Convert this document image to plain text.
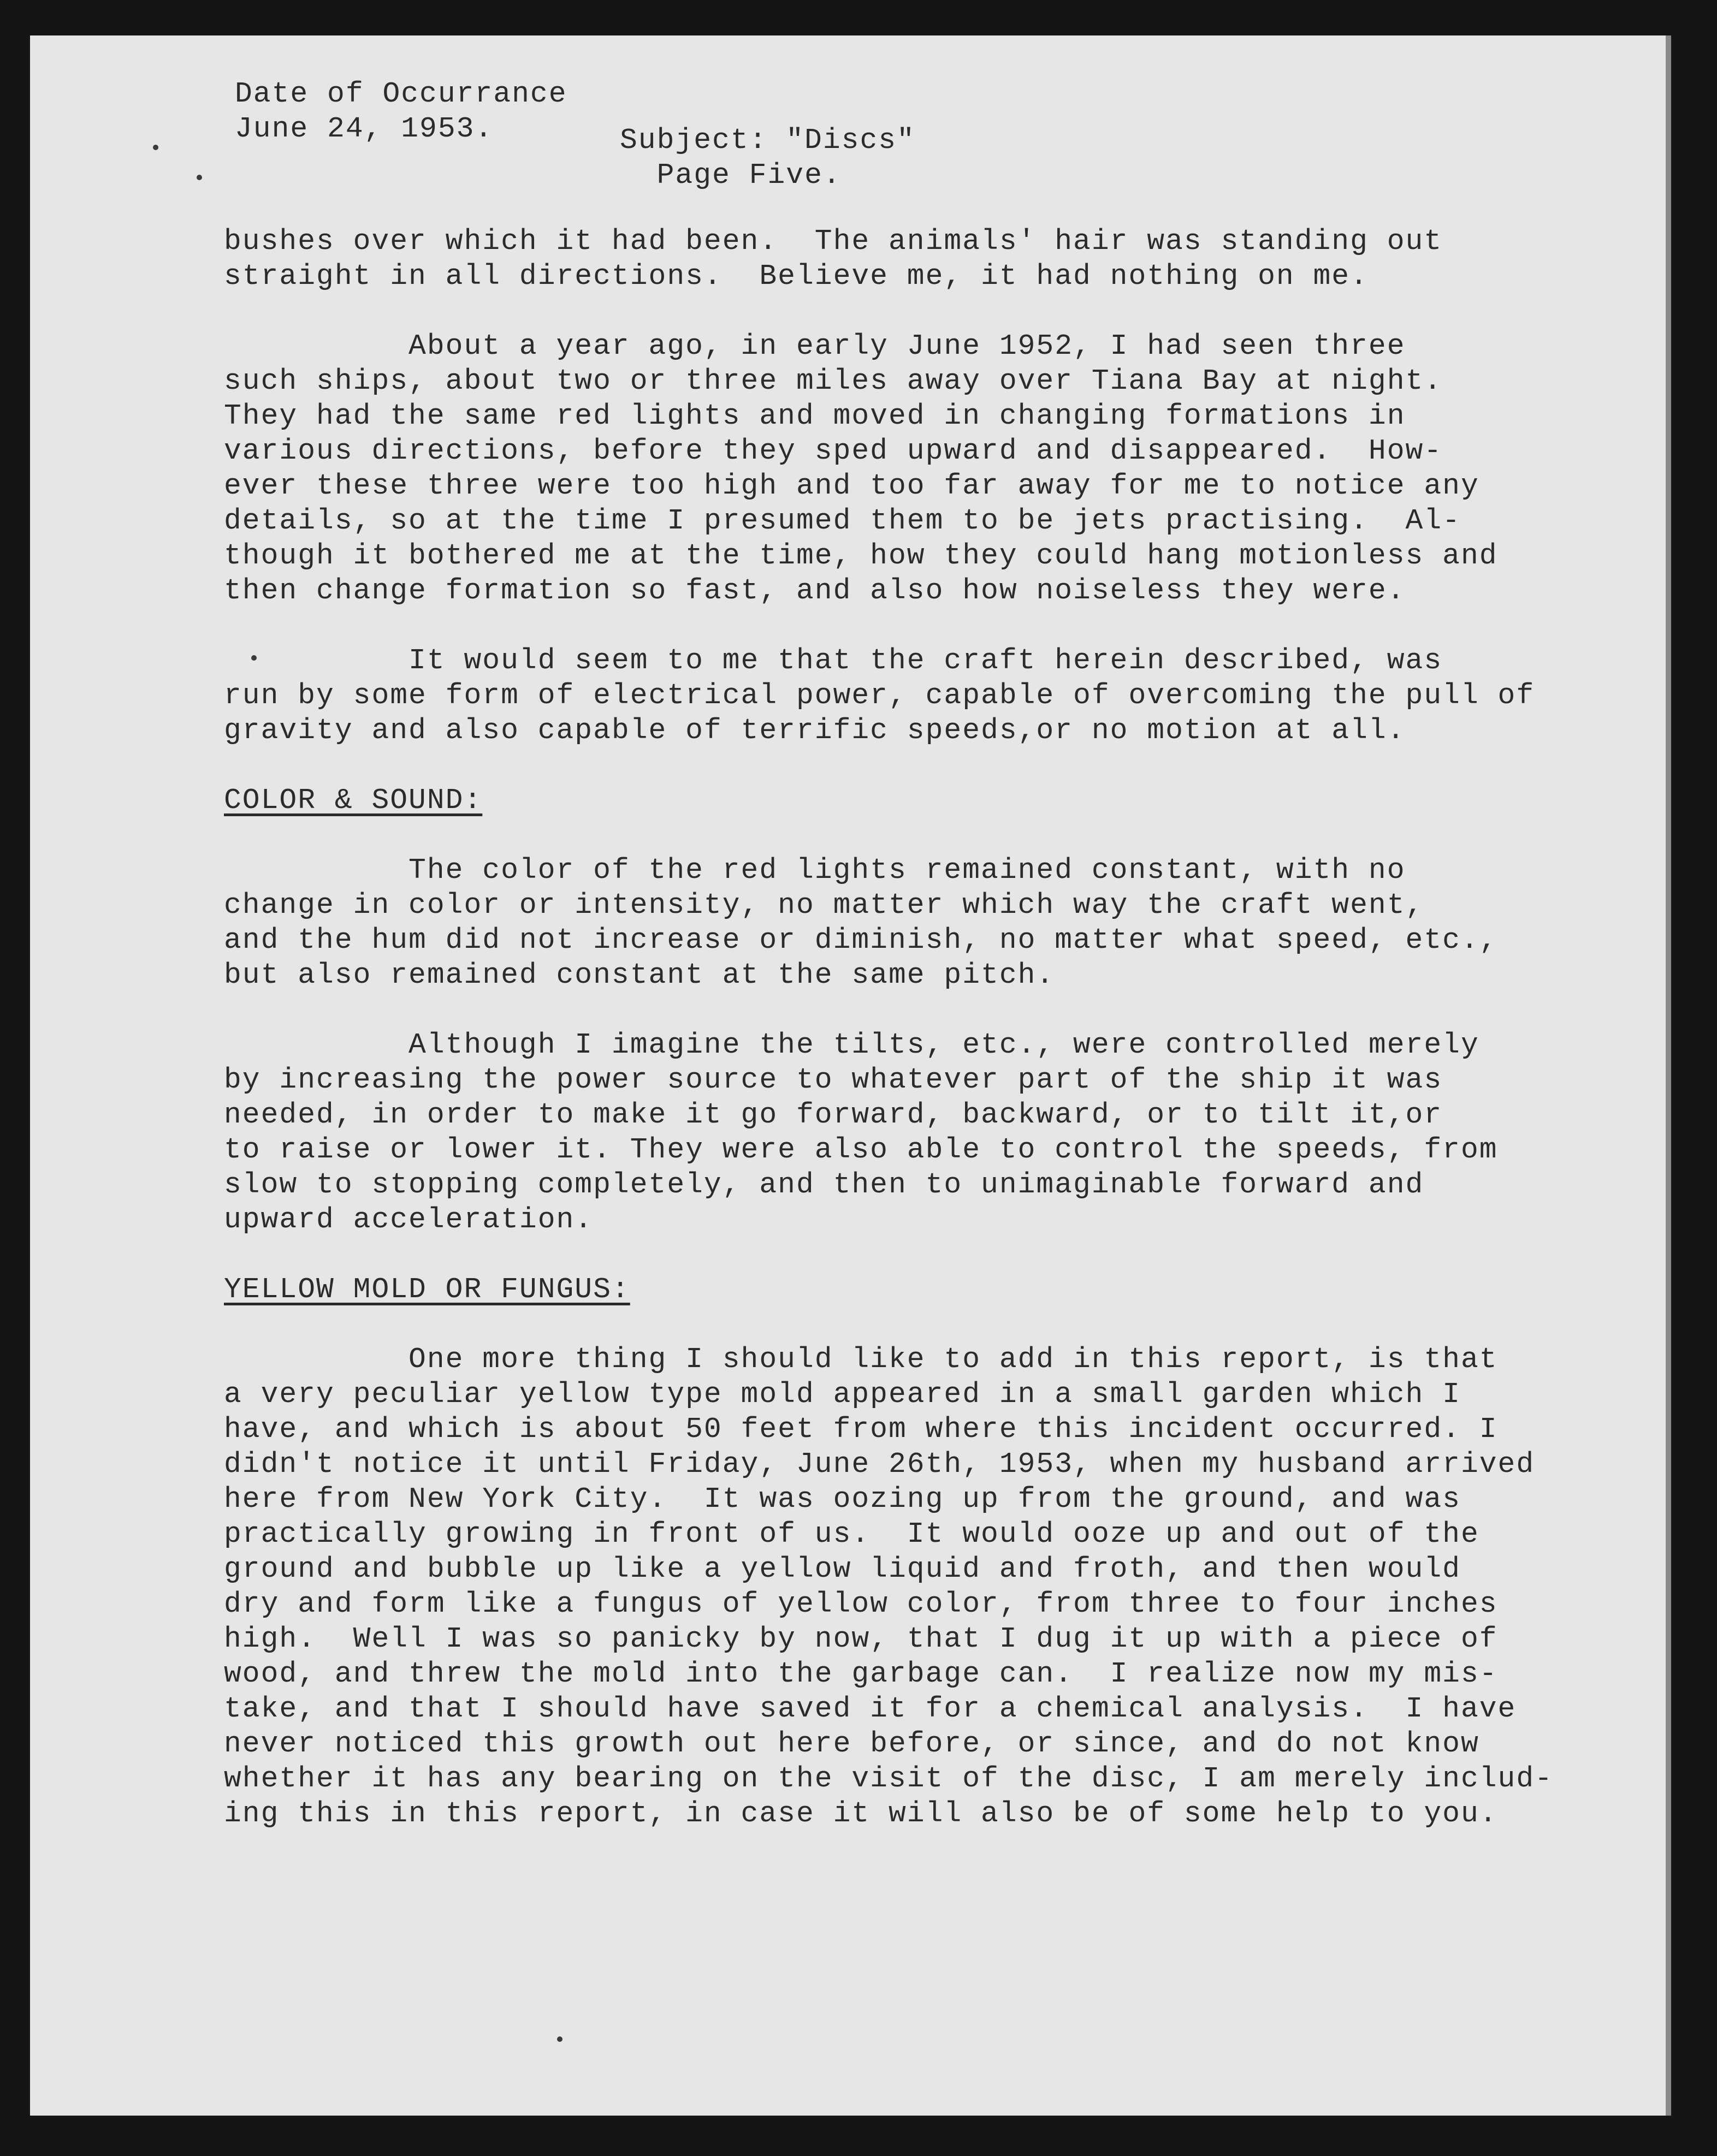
Date of Occurrance
June 24, 1953.	Subject: "Discs"
Page Five.
bushes over which it had been.  The animals' hair was standing out
straight in all directions.  Believe me, it had nothing on me.

About a year ago, in early June 1952, I had seen three
such ships, about two or three miles away over Tiana Bay at night.
They had the same red lights and moved in changing formations in
various directions, before they sped upward and disappeared.  How-
ever these three were too high and too far away for me to notice any
details, so at the time I presumed them to be jets practising.  Al-
though it bothered me at the time, how they could hang motionless and
then change formation so fast, and also how noiseless they were.

It would seem to me that the craft herein described, was
run by some form of electrical power, capable of overcoming the pull of
gravity and also capable of terrific speeds,or no motion at all.

COLOR & SOUND:

The color of the red lights remained constant, with no
change in color or intensity, no matter which way the craft went,
and the hum did not increase or diminish, no matter what speed, etc.,
but also remained constant at the same pitch.

Although I imagine the tilts, etc., were controlled merely
by increasing the power source to whatever part of the ship it was
needed, in order to make it go forward, backward, or to tilt it,or
to raise or lower it. They were also able to control the speeds, from
slow to stopping completely, and then to unimaginable forward and
upward acceleration.

YELLOW MOLD OR FUNGUS:

One more thing I should like to add in this report, is that
a very peculiar yellow type mold appeared in a small garden which I
have, and which is about 50 feet from where this incident occurred. I
didn't notice it until Friday, June 26th, 1953, when my husband arrived
here from New York City.  It was oozing up from the ground, and was
practically growing in front of us.  It would ooze up and out of the
ground and bubble up like a yellow liquid and froth, and then would
dry and form like a fungus of yellow color, from three to four inches
high.  Well I was so panicky by now, that I dug it up with a piece of
wood, and threw the mold into the garbage can.  I realize now my mis-
take, and that I should have saved it for a chemical analysis.  I have
never noticed this growth out here before, or since, and do not know
whether it has any bearing on the visit of the disc, I am merely includ-
ing this in this report, in case it will also be of some help to you.
